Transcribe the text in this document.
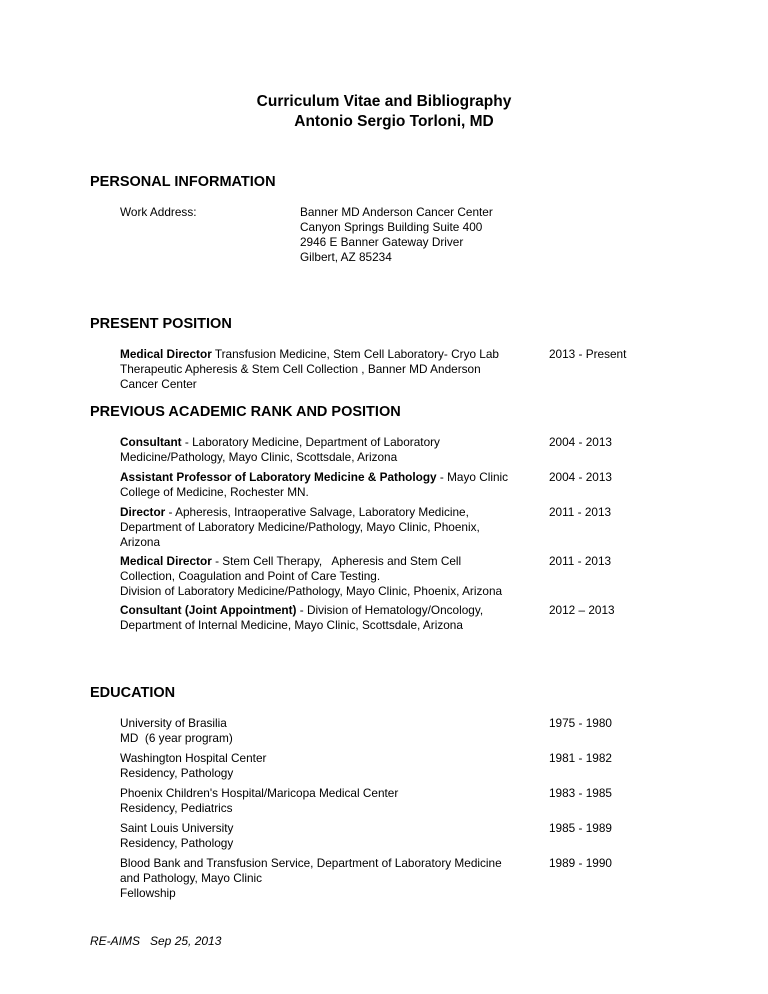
Curriculum Vitae and Bibliography
Antonio Sergio Torloni, MD
PERSONAL INFORMATION
Work Address:	Banner MD Anderson Cancer Center
Canyon Springs Building Suite 400
2946 E Banner Gateway Driver
Gilbert, AZ 85234
PRESENT POSITION
Medical Director Transfusion Medicine, Stem Cell Laboratory- Cryo Lab
Therapeutic Apheresis & Stem Cell Collection , Banner MD Anderson
Cancer Center
2013 - Present
PREVIOUS ACADEMIC RANK AND POSITION
Consultant - Laboratory Medicine, Department of Laboratory
Medicine/Pathology, Mayo Clinic, Scottsdale, Arizona
2004 - 2013
Assistant Professor of Laboratory Medicine & Pathology - Mayo Clinic
College of Medicine, Rochester MN.
2004 - 2013
Director - Apheresis, Intraoperative Salvage, Laboratory Medicine,
Department of Laboratory Medicine/Pathology, Mayo Clinic, Phoenix,
Arizona
2011 - 2013
Medical Director - Stem Cell Therapy,   Apheresis and Stem Cell
Collection, Coagulation and Point of Care Testing.
Division of Laboratory Medicine/Pathology, Mayo Clinic, Phoenix, Arizona
2011 - 2013
Consultant (Joint Appointment) - Division of Hematology/Oncology,
Department of Internal Medicine, Mayo Clinic, Scottsdale, Arizona
2012 – 2013
EDUCATION
University of Brasilia
MD  (6 year program)
1975 - 1980
Washington Hospital Center
Residency, Pathology
1981 - 1982
Phoenix Children's Hospital/Maricopa Medical Center
Residency, Pediatrics
1983 - 1985
Saint Louis University
Residency, Pathology
1985 - 1989
Blood Bank and Transfusion Service, Department of Laboratory Medicine
and Pathology, Mayo Clinic
Fellowship
1989 - 1990
RE-AIMS   Sep 25, 2013
